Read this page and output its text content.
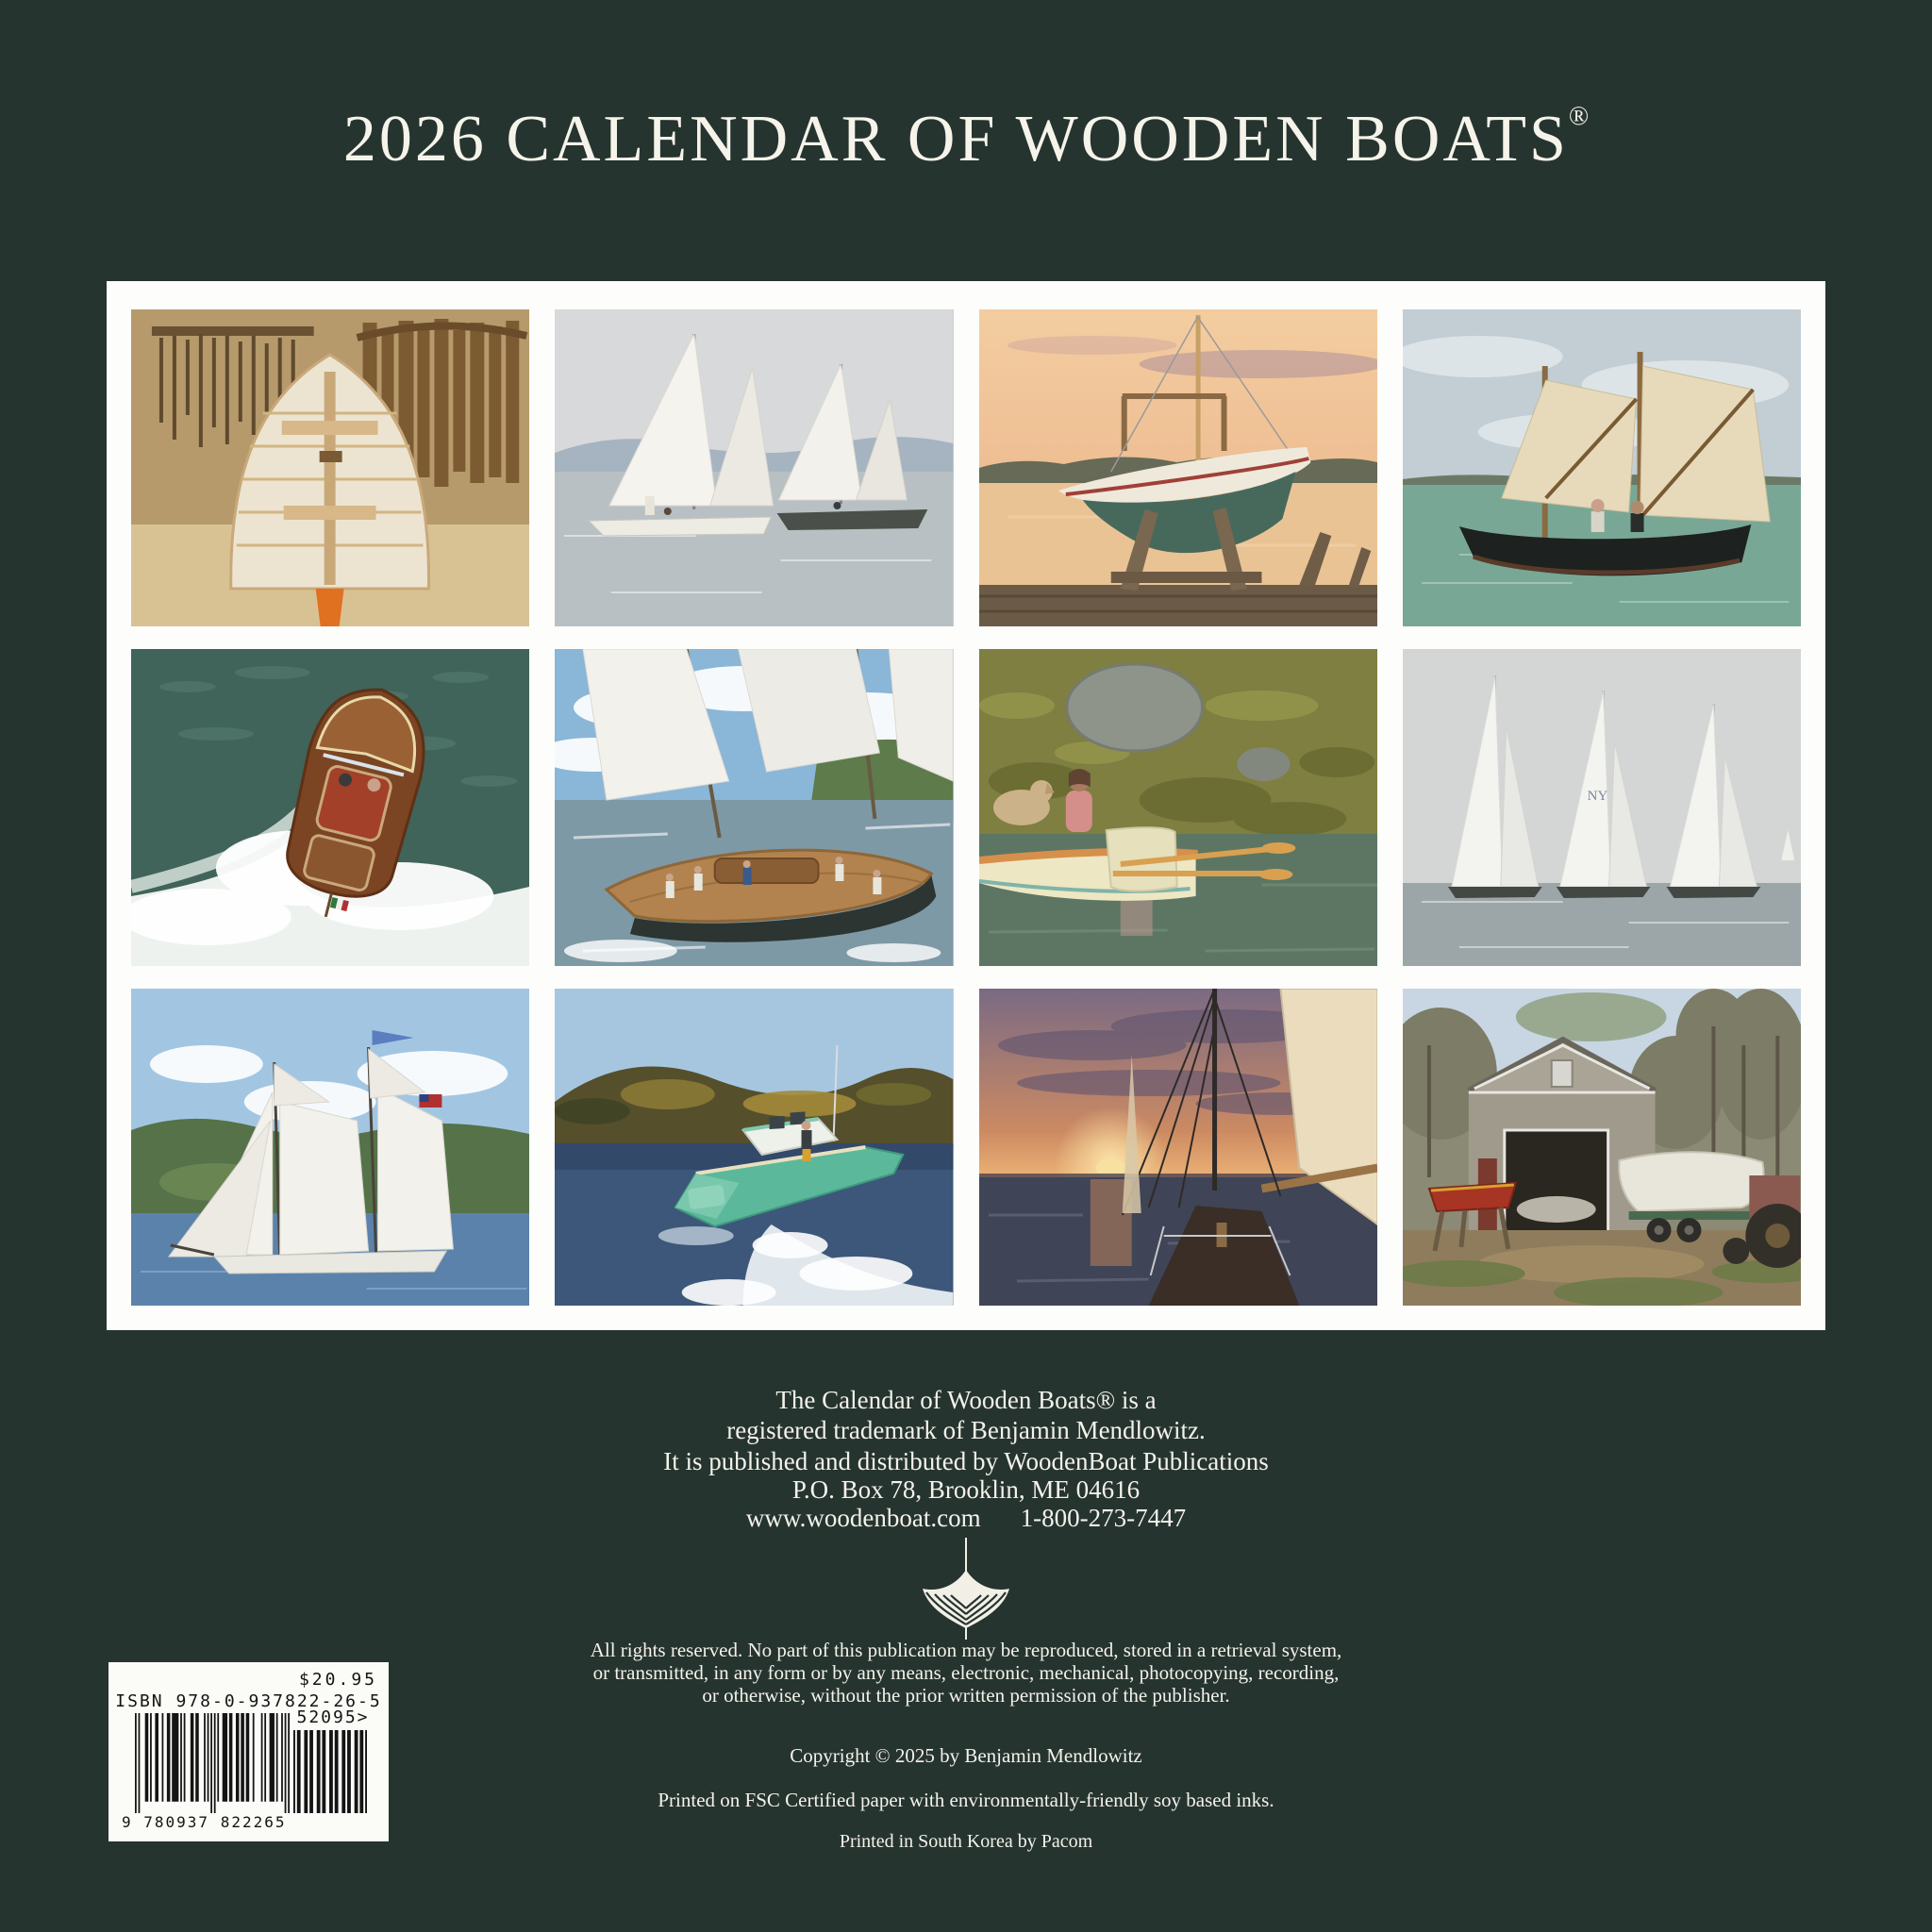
2026 CALENDAR OF WOODEN BOATS®
NY

The Calendar of Wooden Boats® is a

registered trademark of Benjamin Mendlowitz.

It is published and distributed by WoodenBoat Publications

P.O. Box 78, Brooklin, ME 04616

www.woodenboat.com 1-800-273-7447

All rights reserved. No part of this publication may be reproduced, stored in a retrieval system,

or transmitted, in any form or by any means, electronic, mechanical, photocopying, recording,

or otherwise, without the prior written permission of the publisher.

Copyright © 2025 by Benjamin Mendlowitz

Printed on FSC Certified paper with environmentally-friendly soy based inks.

Printed in South Korea by Pacom

$20.95
ISBN 978-0-937822-26-5
9 780937 822265
52095>
